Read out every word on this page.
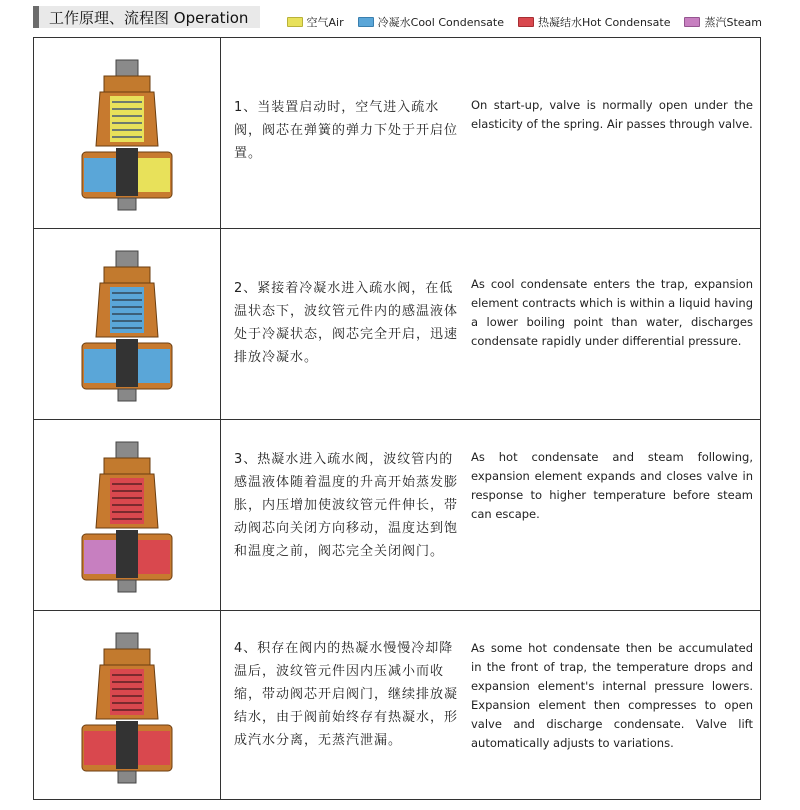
工作原理、流程图 Operation	空气Air	冷凝水Cool Condensate	热凝结水Hot Condensate	蒸汽Steam
1、当装置启动时，空气进入疏水阀，阀芯在弹簧的弹力下处于开启位置。
On start-up, valve is normally open under the elasticity of the spring. Air passes through valve.
2、紧接着冷凝水进入疏水阀，在低温状态下，波纹管元件内的感温液体处于冷凝状态，阀芯完全开启，迅速排放冷凝水。
As cool condensate enters the trap, expansion element contracts which is within a liquid having a lower boiling point than water, discharges condensate rapidly under differential pressure.
3、热凝水进入疏水阀，波纹管内的感温液体随着温度的升高开始蒸发膨胀，内压增加使波纹管元件伸长，带动阀芯向关闭方向移动，温度达到饱和温度之前，阀芯完全关闭阀门。
As hot condensate and steam following, expansion element expands and closes valve in response to higher temperature before steam can escape.
4、积存在阀内的热凝水慢慢冷却降温后，波纹管元件因内压减小而收缩，带动阀芯开启阀门，继续排放凝结水，由于阀前始终存有热凝水，形成汽水分离，无蒸汽泄漏。
As some hot condensate then be accumulated in the front of trap, the temperature drops and expansion element's internal pressure lowers. Expansion element then compresses to open valve and discharge condensate. Valve lift automatically adjusts to variations.
